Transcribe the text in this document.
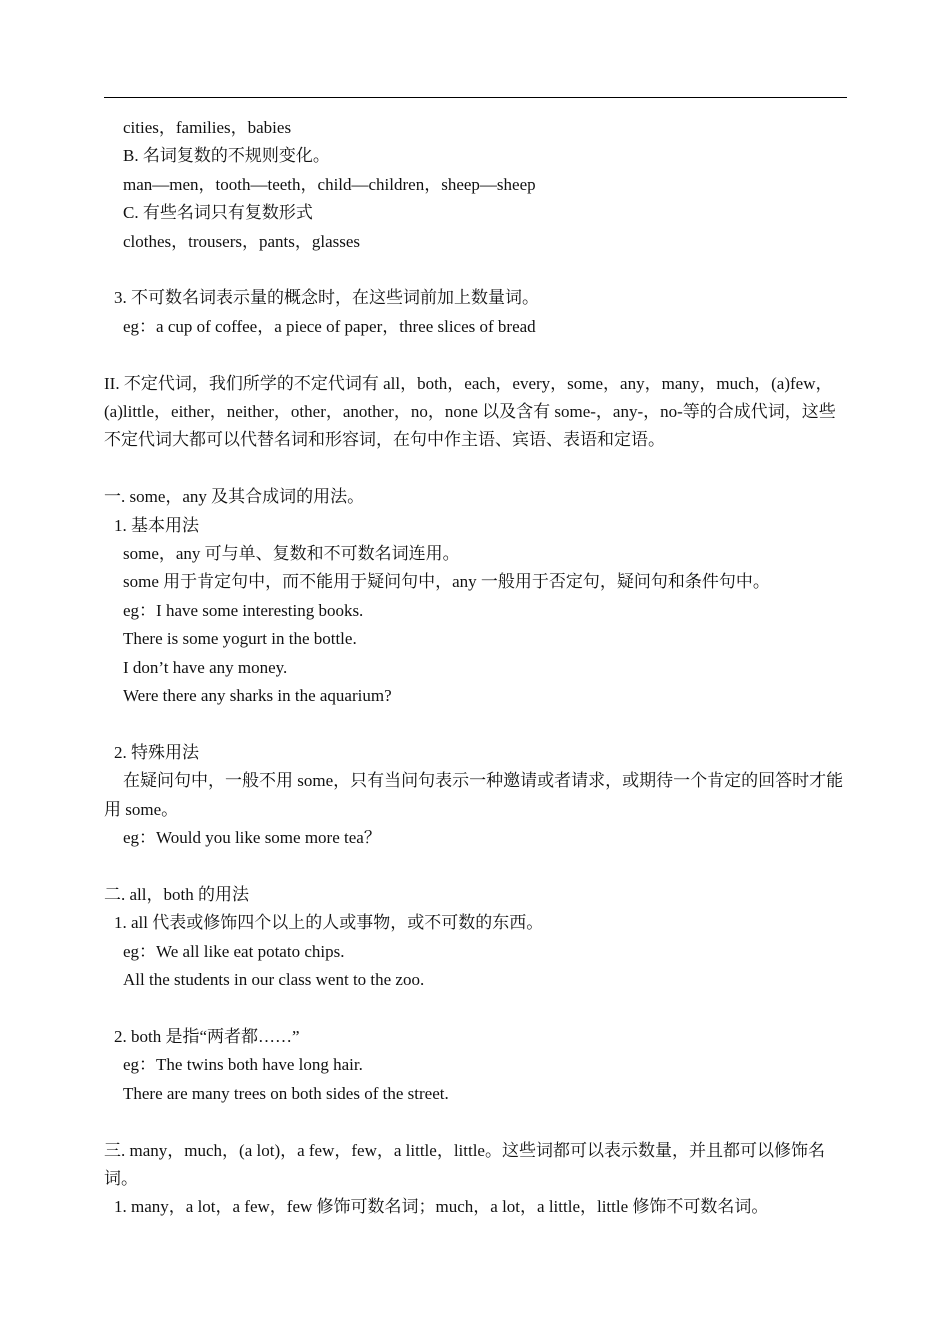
cities，families，babies

B. 名词复数的不规则变化。

man—men，tooth—teeth，child—children，sheep—sheep

C. 有些名词只有复数形式

clothes，trousers，pants，glasses

3. 不可数名词表示量的概念时，在这些词前加上数量词。

eg：a cup of coffee，a piece of paper，three slices of bread

II. 不定代词，我们所学的不定代词有 all，both，each，every，some，any，many，much，(a)few，(a)little，either，neither，other，another，no，none 以及含有 some-，any-，no-等的合成代词，这些不定代词大都可以代替名词和形容词，在句中作主语、宾语、表语和定语。

一. some，any 及其合成词的用法。

1. 基本用法

some，any 可与单、复数和不可数名词连用。

some 用于肯定句中，而不能用于疑问句中，any 一般用于否定句，疑问句和条件句中。

eg：I have some interesting books.

There is some yogurt in the bottle.

I don’t have any money.

Were there any sharks in the aquarium?

2. 特殊用法

在疑问句中，一般不用 some，只有当问句表示一种邀请或者请求，或期待一个肯定的回答时才能用 some。

eg：Would you like some more tea？

二. all，both 的用法

1. all 代表或修饰四个以上的人或事物，或不可数的东西。

eg：We all like eat potato chips.

All the students in our class went to the zoo.

2. both 是指“两者都……”

eg：The twins both have long hair.

There are many trees on both sides of the street.

三. many，much，(a lot)，a few，few，a little，little。这些词都可以表示数量，并且都可以修饰名词。

1. many，a lot，a few，few 修饰可数名词；much，a lot，a little，little 修饰不可数名词。
